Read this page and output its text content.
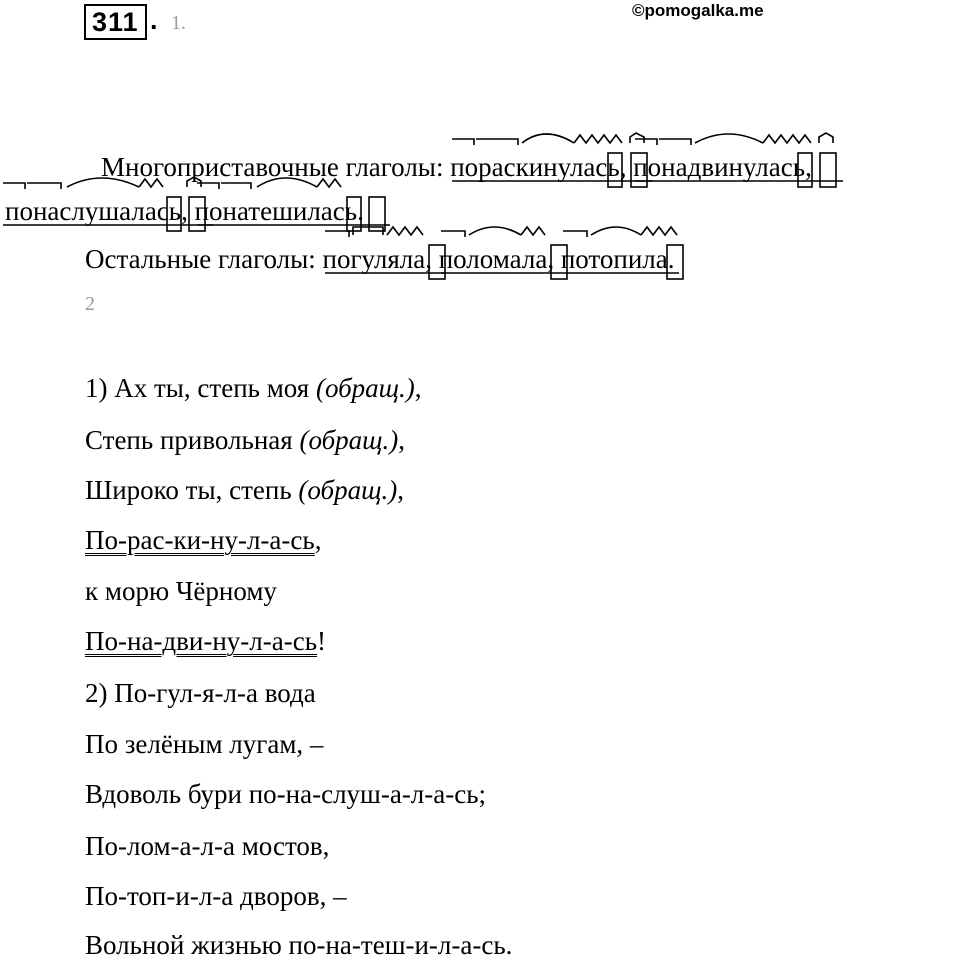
311 . 1.
©pomogalka.me
Многоприставочные глаголы: пораскинулась
, понадвинулась
,
понаслушалась
, понатешилась
.
Остальные глаголы: погуляла
, поломала
, потопила
.
2
1) Ах ты, степь моя (обращ.),
Степь привольная (обращ.),
Широко ты, степь (обращ.),
По-рас-ки-ну-л-а-сь,
к морю Чёрному
По-на-дви-ну-л-а-сь!
2) По-гул-я-л-а вода
По зелёным лугам, –
Вдоволь бури по-на-слуш-а-л-а-сь;
По-лом-а-л-а мостов,
По-топ-и-л-а дворов, –
Вольной жизнью по-на-теш-и-л-а-сь.
